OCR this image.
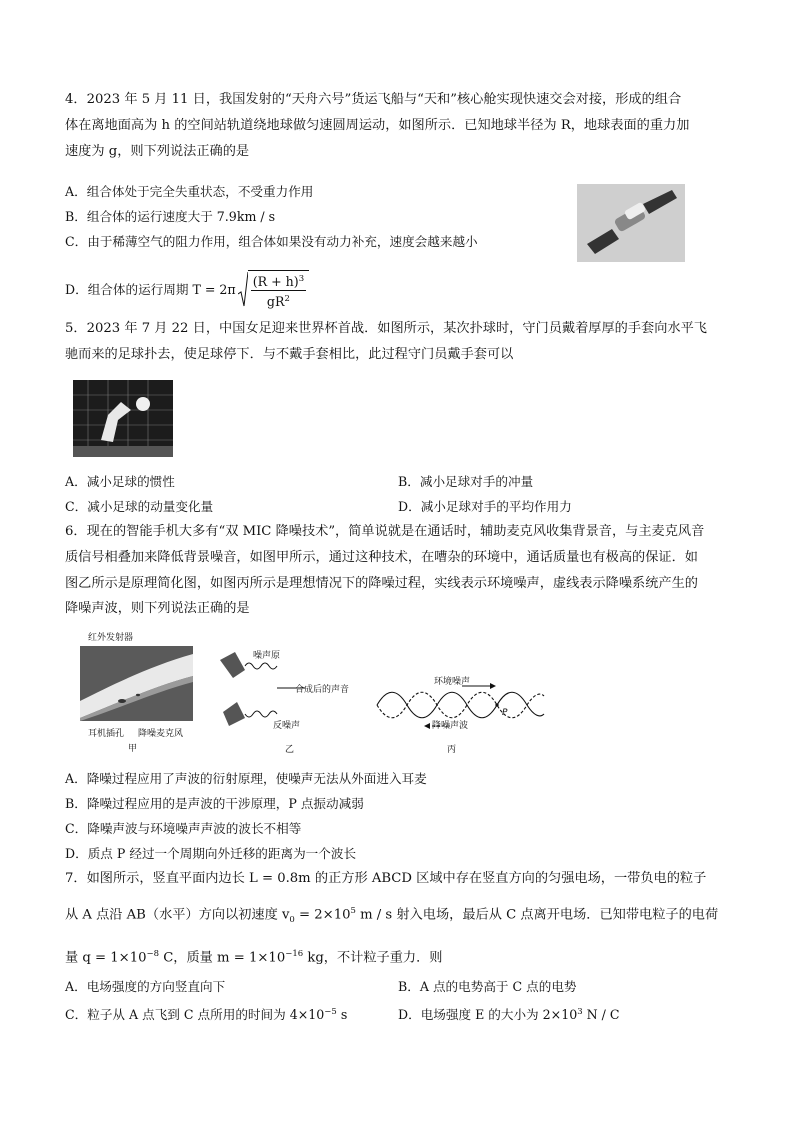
4．2023 年 5 月 11 日，我国发射的“天舟六号”货运飞船与“天和”核心舱实现快速交会对接，形成的组合
体在离地面高为 h 的空间站轨道绕地球做匀速圆周运动，如图所示．已知地球半径为 R，地球表面的重力加
速度为 g，则下列说法正确的是
A．组合体处于完全失重状态，不受重力作用
B．组合体的运行速度大于 7.9km / s
C．由于稀薄空气的阻力作用，组合体如果没有动力补充，速度会越来越小
D．组合体的运行周期 T = 2π
$(R + h)^3$
$gR^2$
5．2023 年 7 月 22 日，中国女足迎来世界杯首战．如图所示，某次扑球时，守门员戴着厚厚的手套向水平飞
驰而来的足球扑去，使足球停下．与不戴手套相比，此过程守门员戴手套可以
A．减小足球的惯性	B．减小足球对手的冲量
C．减小足球的动量变化量	D．减小足球对手的平均作用力
6．现在的智能手机大多有“双 MIC 降噪技术”，简单说就是在通话时，辅助麦克风收集背景音，与主麦克风音
质信号相叠加来降低背景噪音，如图甲所示，通过这种技术，在嘈杂的环境中，通话质量也有极高的保证．如
图乙所示是原理简化图，如图丙所示是理想情况下的降噪过程，实线表示环境噪声，虚线表示降噪系统产生的
降噪声波，则下列说法正确的是
红外发射器
耳机插孔 降噪麦克风
甲
噪声原
合成后的声音
反噪声
乙
环境噪声
降噪声波
P
丙
A．降噪过程应用了声波的衍射原理，使噪声无法从外面进入耳麦
B．降噪过程应用的是声波的干涉原理，P 点振动减弱
C．降噪声波与环境噪声声波的波长不相等
D．质点 P 经过一个周期向外迁移的距离为一个波长
7．如图所示，竖直平面内边长 L = 0.8m 的正方形 ABCD 区域中存在竖直方向的匀强电场，一带负电的粒子
从 A 点沿 AB（水平）方向以初速度 $v_0 = 2\times 10^5$ m / s 射入电场，最后从 C 点离开电场．已知带电粒子的电荷
量 $q = 1\times 10^{-8}$ C，质量 $m = 1\times 10^{-16}$ kg，不计粒子重力．则
A．电场强度的方向竖直向下	B．A 点的电势高于 C 点的电势
C．粒子从 A 点飞到 C 点所用的时间为 $4\times 10^{-5}$ s	D．电场强度 E 的大小为 $2\times 10^3$ N / C
